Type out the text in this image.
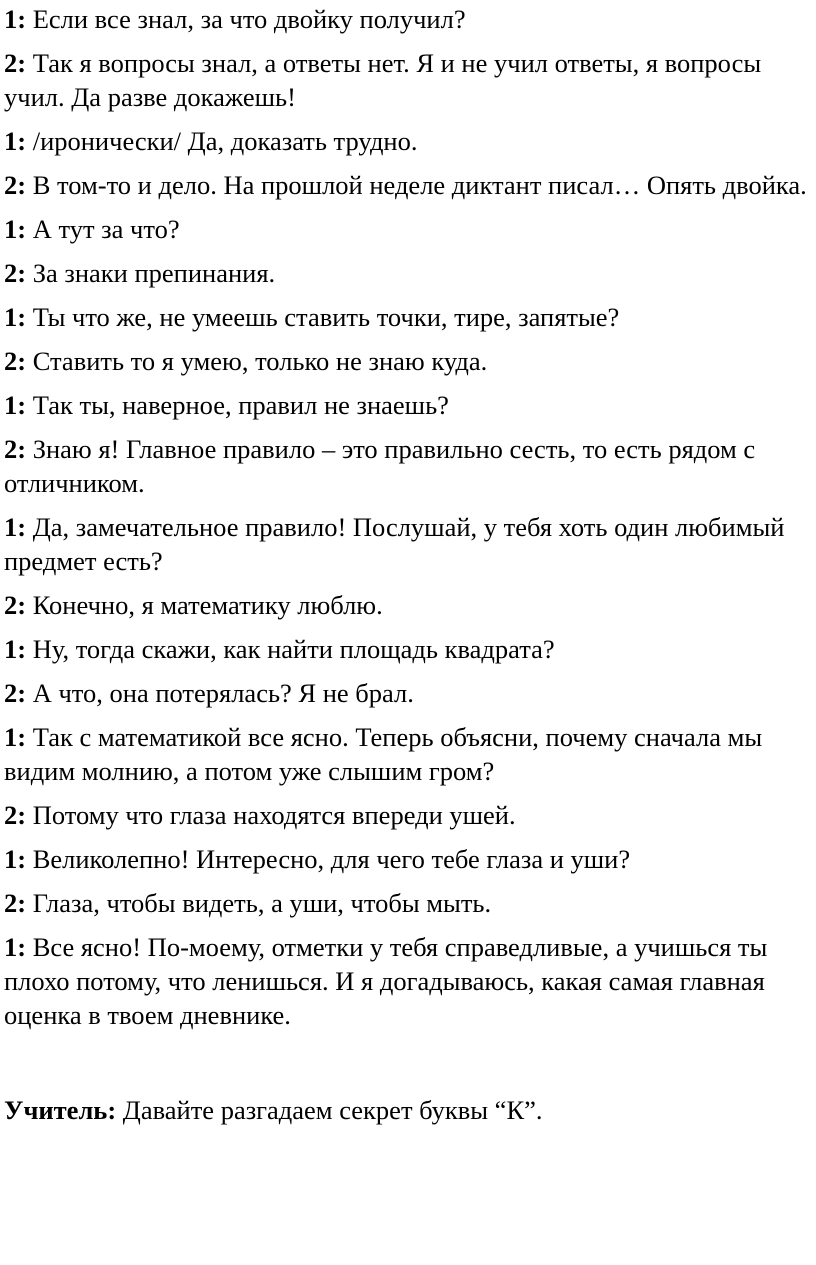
1: Если все знал, за что двойку получил?

2: Так я вопросы знал, а ответы нет. Я и не учил ответы, я вопросы учил. Да разве докажешь!

1: /иронически/ Да, доказать трудно.

2: В том-то и дело. На прошлой неделе диктант писал… Опять двойка.

1: А тут за что?

2: За знаки препинания.

1: Ты что же, не умеешь ставить точки, тире, запятые?

2: Ставить то я умею, только не знаю куда.

1: Так ты, наверное, правил не знаешь?

2: Знаю я! Главное правило – это правильно сесть, то есть рядом с отличником.

1: Да, замечательное правило! Послушай, у тебя хоть один любимый предмет есть?

2: Конечно, я математику люблю.

1: Ну, тогда скажи, как найти площадь квадрата?

2: А что, она потерялась? Я не брал.

1: Так с математикой все ясно. Теперь объясни, почему сначала мы видим молнию, а потом уже слышим гром?

2: Потому что глаза находятся впереди ушей.

1: Великолепно! Интересно, для чего тебе глаза и уши?

2: Глаза, чтобы видеть, а уши, чтобы мыть.

1: Все ясно! По-моему, отметки у тебя справедливые, а учишься ты плохо потому, что ленишься. И я догадываюсь, какая самая главная оценка в твоем дневнике.

Учитель: Давайте разгадаем секрет буквы “К”.
